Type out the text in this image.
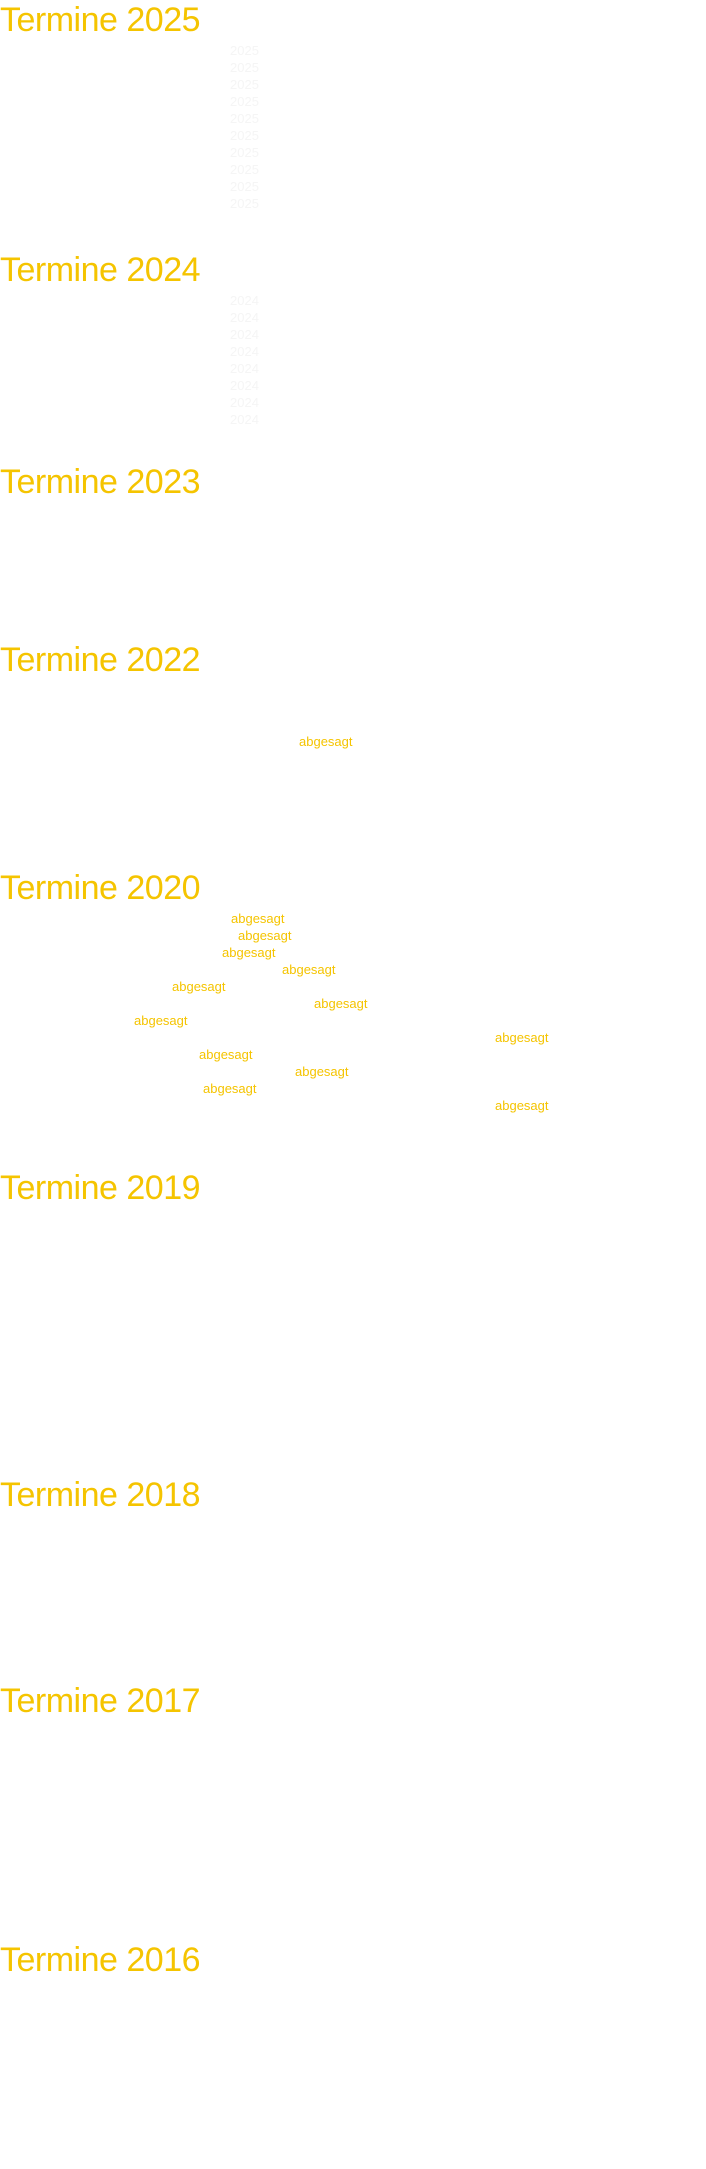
Termine 2025
2025
2025
2025
2025
2025
2025
2025
2025
2025
2025
Termine 2024
2024
2024
2024
2024
2024
2024
2024
2024
Termine 2023
Termine 2022
abgesagt
Termine 2020
abgesagt
abgesagt
abgesagt
abgesagt
abgesagt
abgesagt
abgesagt
abgesagt
abgesagt
abgesagt
abgesagt
abgesagt
Termine 2019
Termine 2018
Termine 2017
Termine 2016
